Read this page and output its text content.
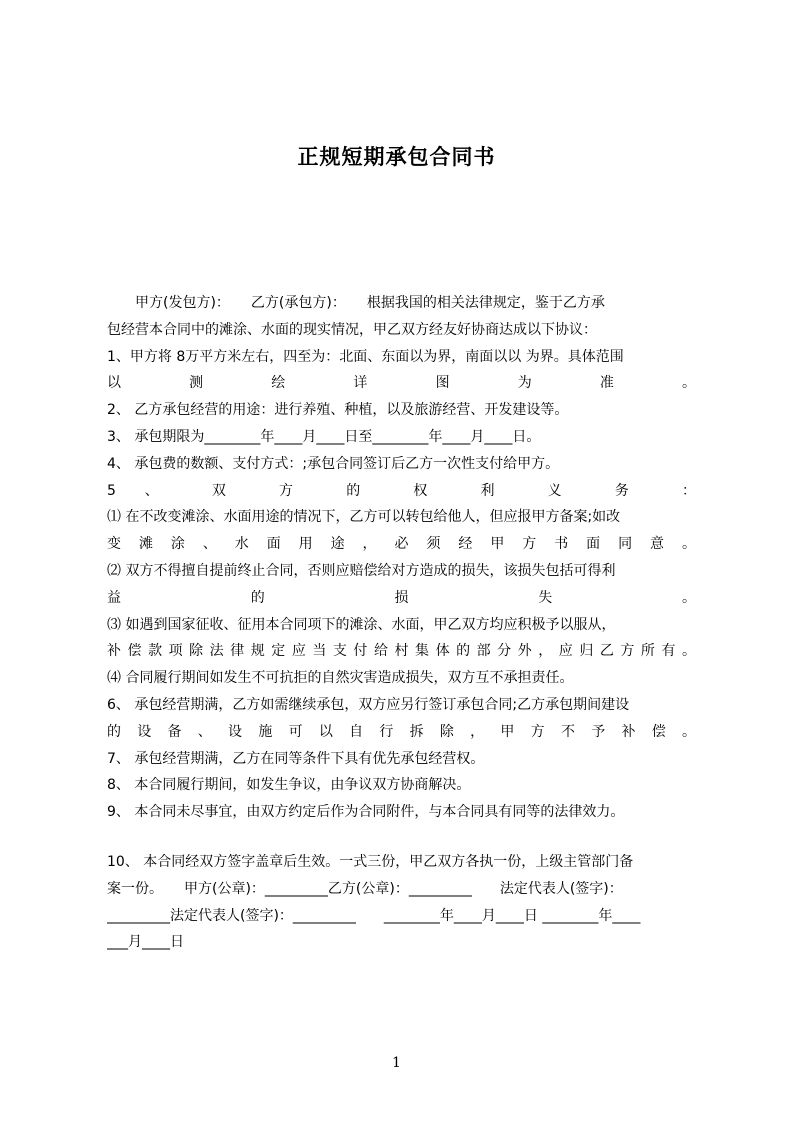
正规短期承包合同书
　　甲方(发包方)：　　乙方(承包方)：　　根据我国的相关法律规定，鉴于乙方承
包经营本合同中的滩涂、水面的现实情况，甲乙双方经友好协商达成以下协议：
1、甲方将 8万平方米左右，四至为：北面、东面以为界，南面以以 为界。具体范围
以 测 绘 详 图 为 准 。
2、 乙方承包经营的用途：进行养殖、种植，以及旅游经营、开发建设等。
3、 承包期限为________年____月____日至________年____月____日。
4、 承包费的数额、支付方式：;承包合同签订后乙方一次性支付给甲方。
5 、 双 方 的 权 利 义 务 ：
⑴ 在不改变滩涂、水面用途的情况下，乙方可以转包给他人，但应报甲方备案;如改
变 滩 涂 、 水 面 用 途 ， 必 须 经 甲 方 书 面 同 意 。
⑵ 双方不得擅自提前终止合同，否则应赔偿给对方造成的损失，该损失包括可得利
益 的 损 失 。
⑶ 如遇到国家征收、征用本合同项下的滩涂、水面，甲乙双方均应积极予以服从，
补偿款项除法律规定应当支付给村集体的部分外，应归乙方所有。
⑷ 合同履行期间如发生不可抗拒的自然灾害造成损失，双方互不承担责任。
6、 承包经营期满，乙方如需继续承包，双方应另行签订承包合同;乙方承包期间建设
的 设 备 、 设 施 可 以 自 行 拆 除 ， 甲 方 不 予 补 偿 。
7、 承包经营期满，乙方在同等条件下具有优先承包经营权。
8、 本合同履行期间，如发生争议，由争议双方协商解决。
9、 本合同未尽事宜，由双方约定后作为合同附件，与本合同具有同等的法律效力。
10、 本合同经双方签字盖章后生效。一式三份，甲乙双方各执一份，上级主管部门备
案一份。　　甲方(公章)：_________乙方(公章)：_________　　法定代表人(签字)：
_________法定代表人(签字)：_________　　________年____月____日 ________年____
___月____日
1
